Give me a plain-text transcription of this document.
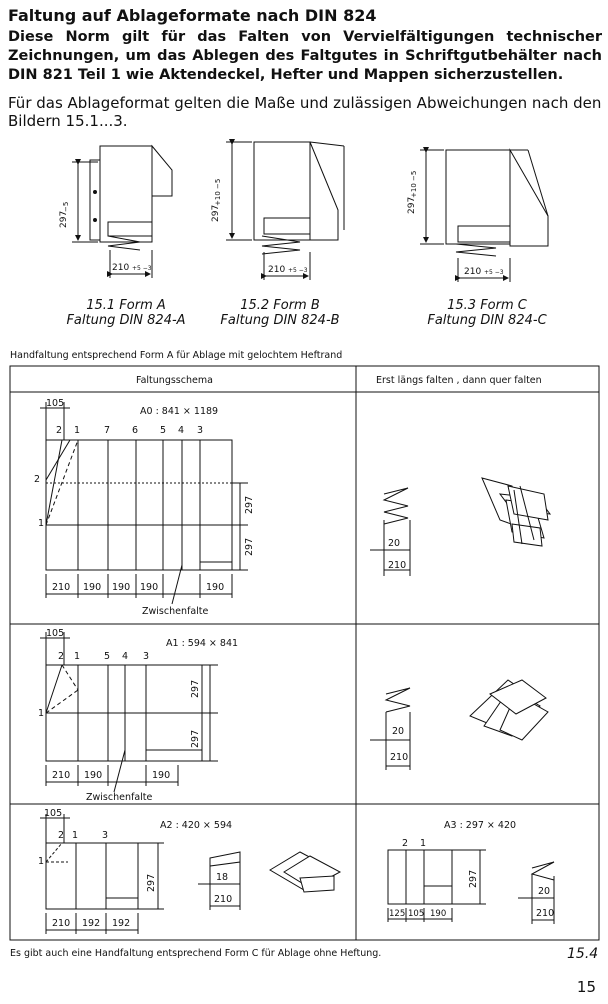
Faltung auf Ablageformate nach DIN 824
Diese Norm gilt für das Falten von Vervielfältigungen technischer Zeichnungen, um das Ablegen des Faltgutes in Schriftgutbehälter nach DIN 821 Teil 1 wie Aktendeckel, Hefter und Mappen sicherzustellen.
Für das Ablageformat gelten die Maße und zulässigen Abweichungen nach den Bildern 15.1...3.
297
−5
210 +5 −3
297
+10 −5
210 +5 −3
297
+10 −5
210 +5 −3
Handfaltung entsprechend Form A für Ablage mit gelochtem Heftrand
Faltungsschema	Erst längs falten , dann quer falten
A0 : 841 × 1189
105
2 1	7 6 5 4 3
2
1
297
297
210 190 190 190	190
Zwischenfalte
20
210
A1 : 594 × 841
105
2 1	5 4 3
1
297
297
210 190	190
Zwischenfalte
20
210
A2 : 420 × 594
105
2 1	3
1
297
210 192 192
18
210
A3 : 297 × 420
2 1
297
125 105 190
20
210
Es gibt auch eine Handfaltung entsprechend Form C für Ablage ohne Heftung.
15.1 Form A
Faltung DIN 824-A
15.2 Form B
Faltung DIN 824-B
15.3 Form C
Faltung DIN 824-C
15.4
15
